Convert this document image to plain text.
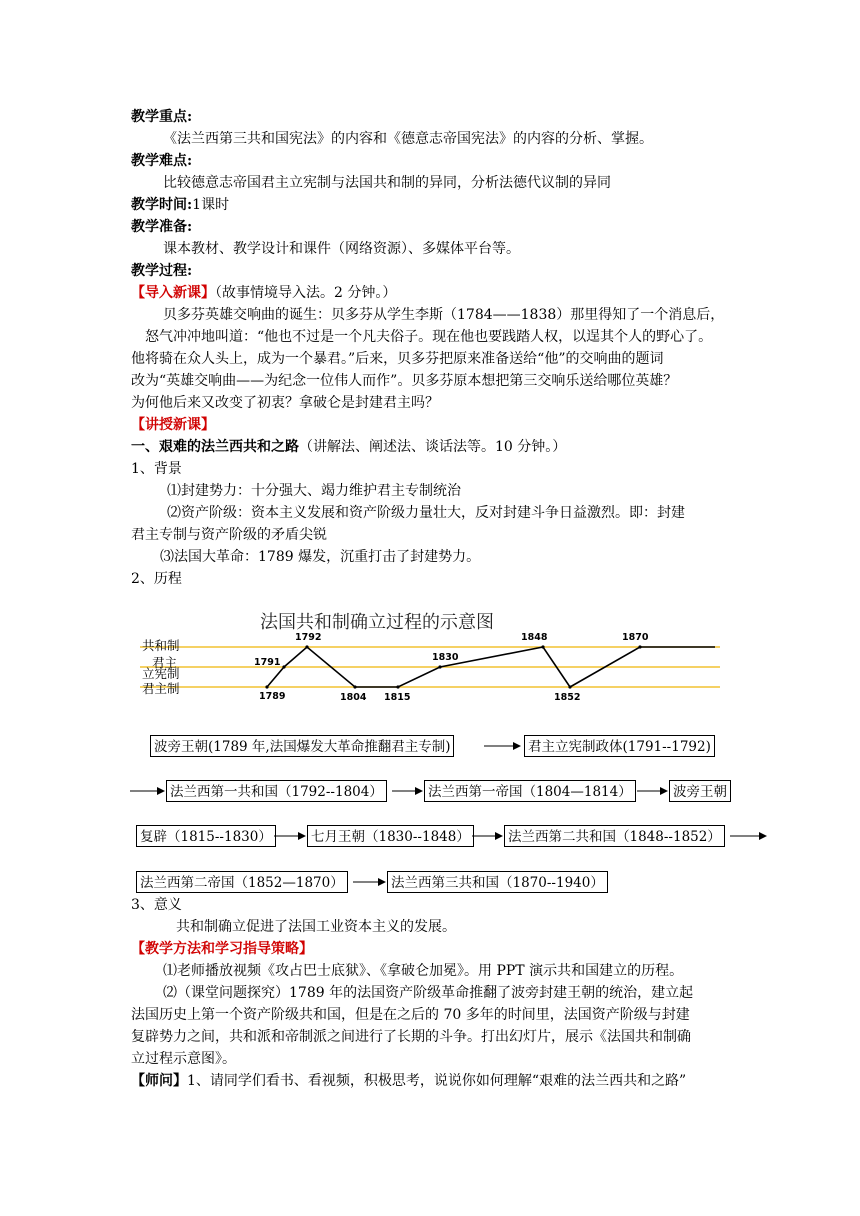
教学重点:
《法兰西第三共和国宪法》的内容和《德意志帝国宪法》的内容的分析、掌握。
教学难点:
比较德意志帝国君主立宪制与法国共和制的异同，分析法德代议制的异同
教学时间:1课时
教学准备:
课本教材、教学设计和课件（网络资源）、多媒体平台等。
教学过程:
【导入新课】（故事情境导入法。2 分钟。）
贝多芬英雄交响曲的诞生：贝多芬从学生李斯（1784——1838）那里得知了一个消息后，
怒气冲冲地叫道：“他也不过是一个凡夫俗子。现在他也要践踏人权，以逞其个人的野心了。
他将骑在众人头上，成为一个暴君。”后来，贝多芬把原来准备送给“他”的交响曲的题词
改为“英雄交响曲——为纪念一位伟人而作”。贝多芬原本想把第三交响乐送给哪位英雄？
为何他后来又改变了初衷？拿破仑是封建君主吗？
【讲授新课】
一、艰难的法兰西共和之路（讲解法、阐述法、谈话法等。10 分钟。）
1、背景
⑴封建势力：十分强大、竭力维护君主专制统治
⑵资产阶级：资本主义发展和资产阶级力量壮大，反对封建斗争日益激烈。即：封建
君主专制与资产阶级的矛盾尖锐
⑶法国大革命：1789 爆发，沉重打击了封建势力。
2、历程
法国共和制确立过程的示意图
共和制
君主
立宪制
君主制
1789
1791
1792
1804 1815
1830
1848
1852
1870
波旁王朝(1789 年,法国爆发大革命推翻君主专制)	君主立宪制政体(1791--1792)
法兰西第一共和国（1792--1804）	法兰西第一帝国（1804—1814）	波旁王朝
复辟（1815--1830）	七月王朝（1830--1848）	法兰西第二共和国（1848--1852）
法兰西第二帝国（1852—1870）	法兰西第三共和国（1870--1940）
3、意义
共和制确立促进了法国工业资本主义的发展。
【教学方法和学习指导策略】
⑴老师播放视频《攻占巴士底狱》、《拿破仑加冕》。用 PPT 演示共和国建立的历程。
⑵（课堂问题探究）1789 年的法国资产阶级革命推翻了波旁封建王朝的统治，建立起
法国历史上第一个资产阶级共和国，但是在之后的 70 多年的时间里，法国资产阶级与封建
复辟势力之间，共和派和帝制派之间进行了长期的斗争。打出幻灯片，展示《法国共和制确
立过程示意图》。
【师问】1、请同学们看书、看视频，积极思考，说说你如何理解“艰难的法兰西共和之路”
